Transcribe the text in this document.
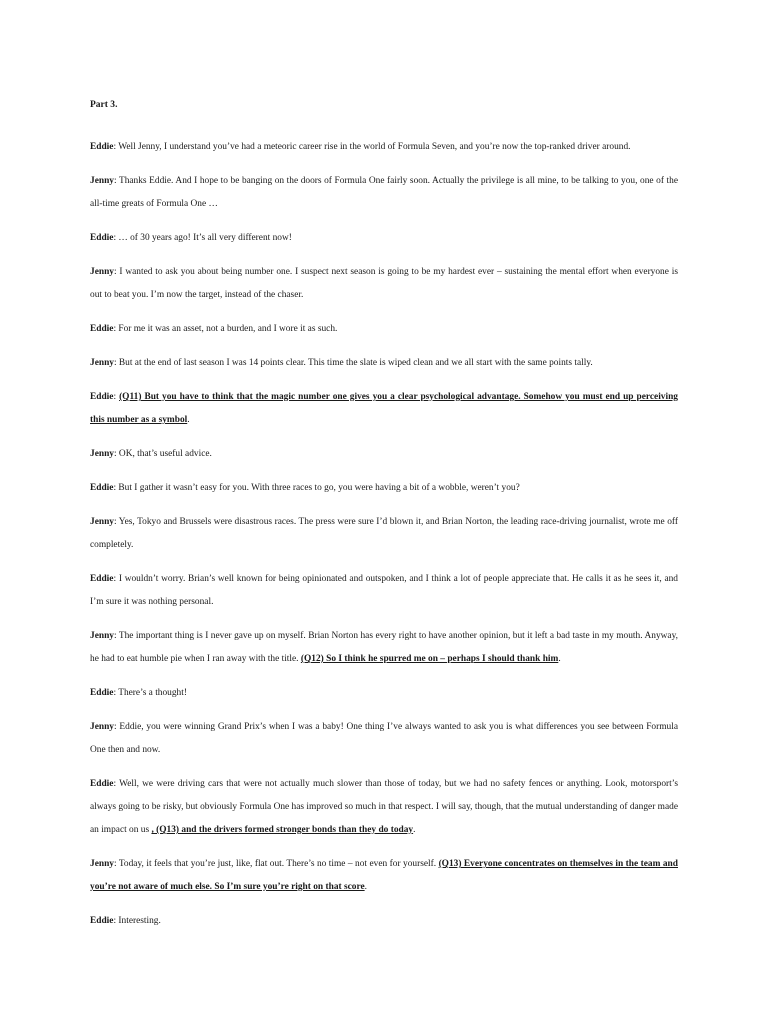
Part 3.

Eddie: Well Jenny, I understand you’ve had a meteoric career rise in the world of Formula Seven, and you’re now the top-ranked driver around.

Jenny: Thanks Eddie. And I hope to be banging on the doors of Formula One fairly soon. Actually the privilege is all mine, to be talking to you, one of the all-time greats of Formula One …

Eddie: … of 30 years ago! It’s all very different now!

Jenny: I wanted to ask you about being number one. I suspect next season is going to be my hardest ever – sustaining the mental effort when everyone is out to beat you. I’m now the target, instead of the chaser.

Eddie: For me it was an asset, not a burden, and I wore it as such.

Jenny: But at the end of last season I was 14 points clear. This time the slate is wiped clean and we all start with the same points tally.

Eddie: (Q11) But you have to think that the magic number one gives you a clear psychological advantage. Somehow you must end up perceiving this number as a symbol.

Jenny: OK, that’s useful advice.

Eddie: But I gather it wasn’t easy for you. With three races to go, you were having a bit of a wobble, weren’t you?

Jenny: Yes, Tokyo and Brussels were disastrous races. The press were sure I’d blown it, and Brian Norton, the leading race-driving journalist, wrote me off completely.

Eddie: I wouldn’t worry. Brian’s well known for being opinionated and outspoken, and I think a lot of people appreciate that. He calls it as he sees it, and I’m sure it was nothing personal.

Jenny: The important thing is I never gave up on myself. Brian Norton has every right to have another opinion, but it left a bad taste in my mouth. Anyway, he had to eat humble pie when I ran away with the title. (Q12) So I think he spurred me on – perhaps I should thank him.

Eddie: There’s a thought!

Jenny: Eddie, you were winning Grand Prix’s when I was a baby! One thing I’ve always wanted to ask you is what differences you see between Formula One then and now.

Eddie: Well, we were driving cars that were not actually much slower than those of today, but we had no safety fences or anything. Look, motorsport’s always going to be risky, but obviously Formula One has improved so much in that respect. I will say, though, that the mutual understanding of danger made an impact on us , (Q13) and the drivers formed stronger bonds than they do today.

Jenny: Today, it feels that you’re just, like, flat out. There’s no time – not even for yourself. (Q13) Everyone concentrates on themselves in the team and you’re not aware of much else. So I’m sure you’re right on that score.

Eddie: Interesting.
